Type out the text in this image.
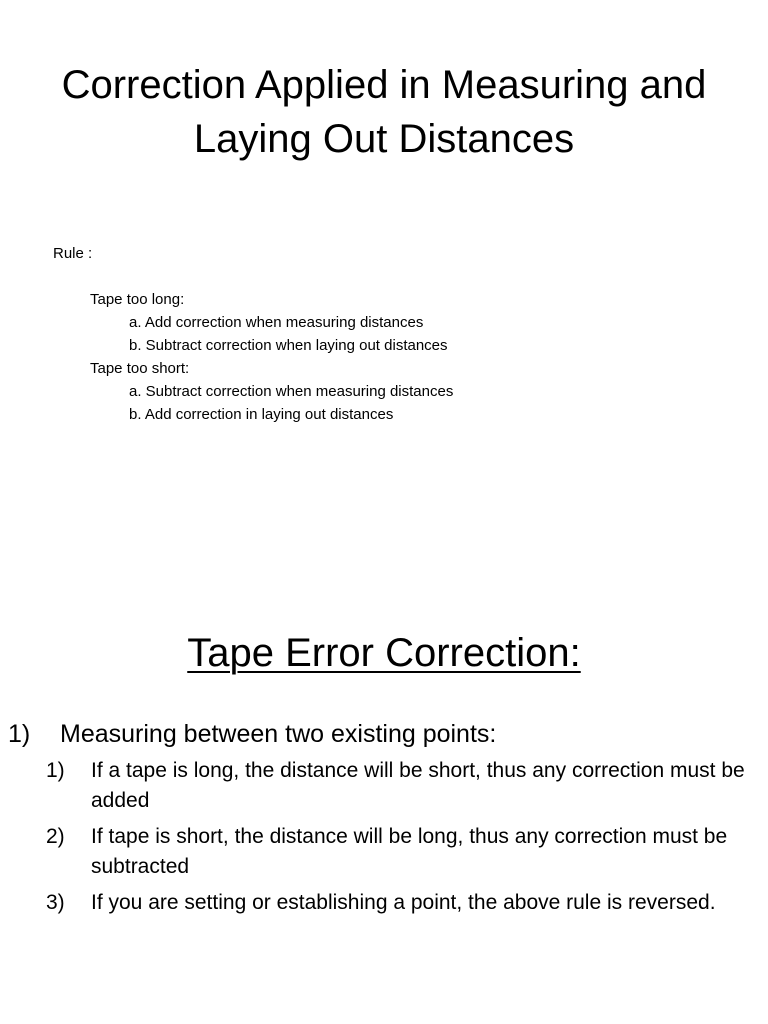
Correction Applied in Measuring and Laying Out Distances

Rule :

Tape too long:

a. Add correction when measuring distances

b. Subtract correction when laying out distances

Tape too short:

a. Subtract correction when measuring distances

b. Add correction in laying out distances

Tape Error Correction:
1)	Measuring between two existing points:
1)	If a tape is long, the distance will be short, thus any correction must be added
2)	If tape is short, the distance will be long, thus any correction must be subtracted
3)	If you are setting or establishing a point, the above rule is reversed.
